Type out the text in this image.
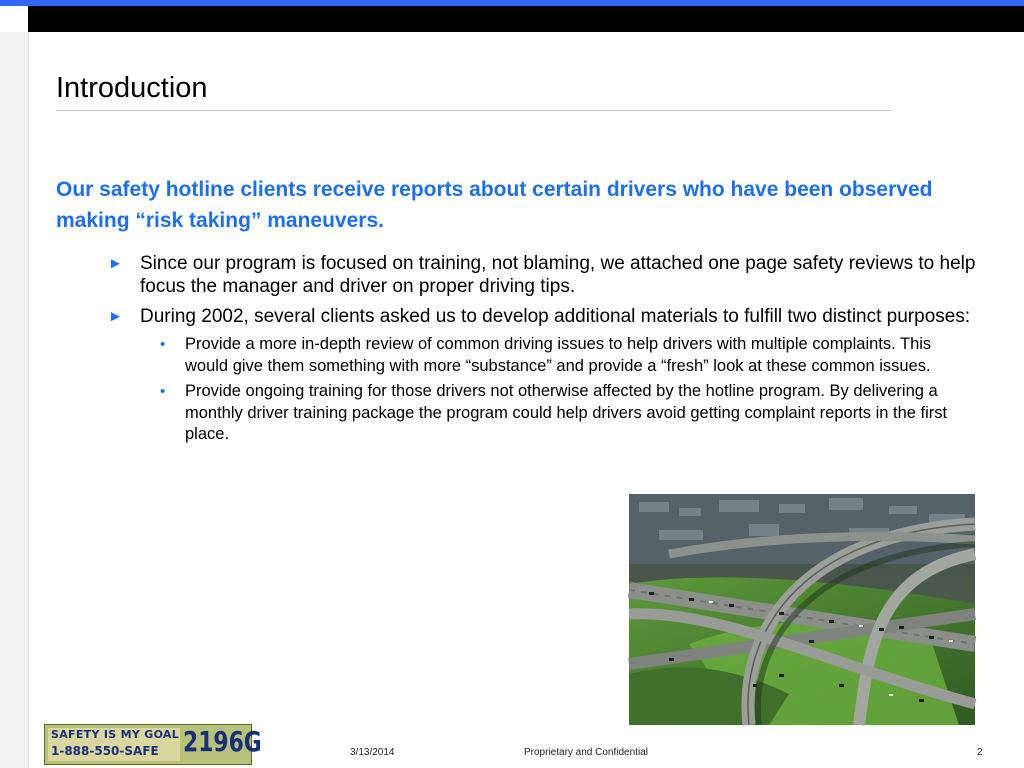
Introduction
Our safety hotline clients receive reports about certain drivers who have been observed making “risk taking” maneuvers.
► Since our program is focused on training, not blaming, we attached one page safety reviews to help focus the manager and driver on proper driving tips.
► During 2002, several clients asked us to develop additional materials to fulfill two distinct purposes:
• Provide a more in-depth review of common driving issues to help drivers with multiple complaints. This would give them something with more “substance” and provide a “fresh” look at these common issues.
• Provide ongoing training for those drivers not otherwise affected by the hotline program. By delivering a monthly driver training package the program could help drivers avoid getting complaint reports in the first place.
SAFETY IS MY GOAL
1-888-550-SAFE 2196G	3/13/2014	Proprietary and Confidential	2
